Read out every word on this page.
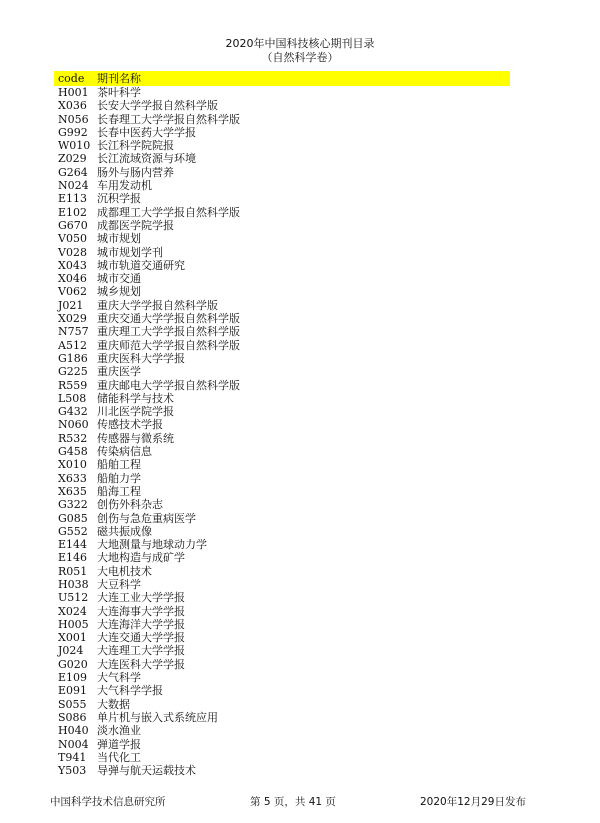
2020年中国科技核心期刊目录
（自然科学卷）
code 期刊名称
H001 茶叶科学
X036 长安大学学报自然科学版
N056 长春理工大学学报自然科学版
G992 长春中医药大学学报
W010 长江科学院院报
Z029 长江流域资源与环境
G264 肠外与肠内营养
N024 车用发动机
E113 沉积学报
E102 成都理工大学学报自然科学版
G670 成都医学院学报
V050 城市规划
V028 城市规划学刊
X043 城市轨道交通研究
X046 城市交通
V062 城乡规划
J021 重庆大学学报自然科学版
X029 重庆交通大学学报自然科学版
N757 重庆理工大学学报自然科学版
A512 重庆师范大学学报自然科学版
G186 重庆医科大学学报
G225 重庆医学
R559 重庆邮电大学学报自然科学版
L508 储能科学与技术
G432 川北医学院学报
N060 传感技术学报
R532 传感器与微系统
G458 传染病信息
X010 船舶工程
X633 船舶力学
X635 船海工程
G322 创伤外科杂志
G085 创伤与急危重病医学
G552 磁共振成像
E144 大地测量与地球动力学
E146 大地构造与成矿学
R051 大电机技术
H038 大豆科学
U512 大连工业大学学报
X024 大连海事大学学报
H005 大连海洋大学学报
X001 大连交通大学学报
J024 大连理工大学学报
G020 大连医科大学学报
E109 大气科学
E091 大气科学学报
S055 大数据
S086 单片机与嵌入式系统应用
H040 淡水渔业
N004 弹道学报
T941 当代化工
Y503 导弹与航天运载技术
中国科学技术信息研究所	第 5 页，共 41 页	2020年12月29日发布
